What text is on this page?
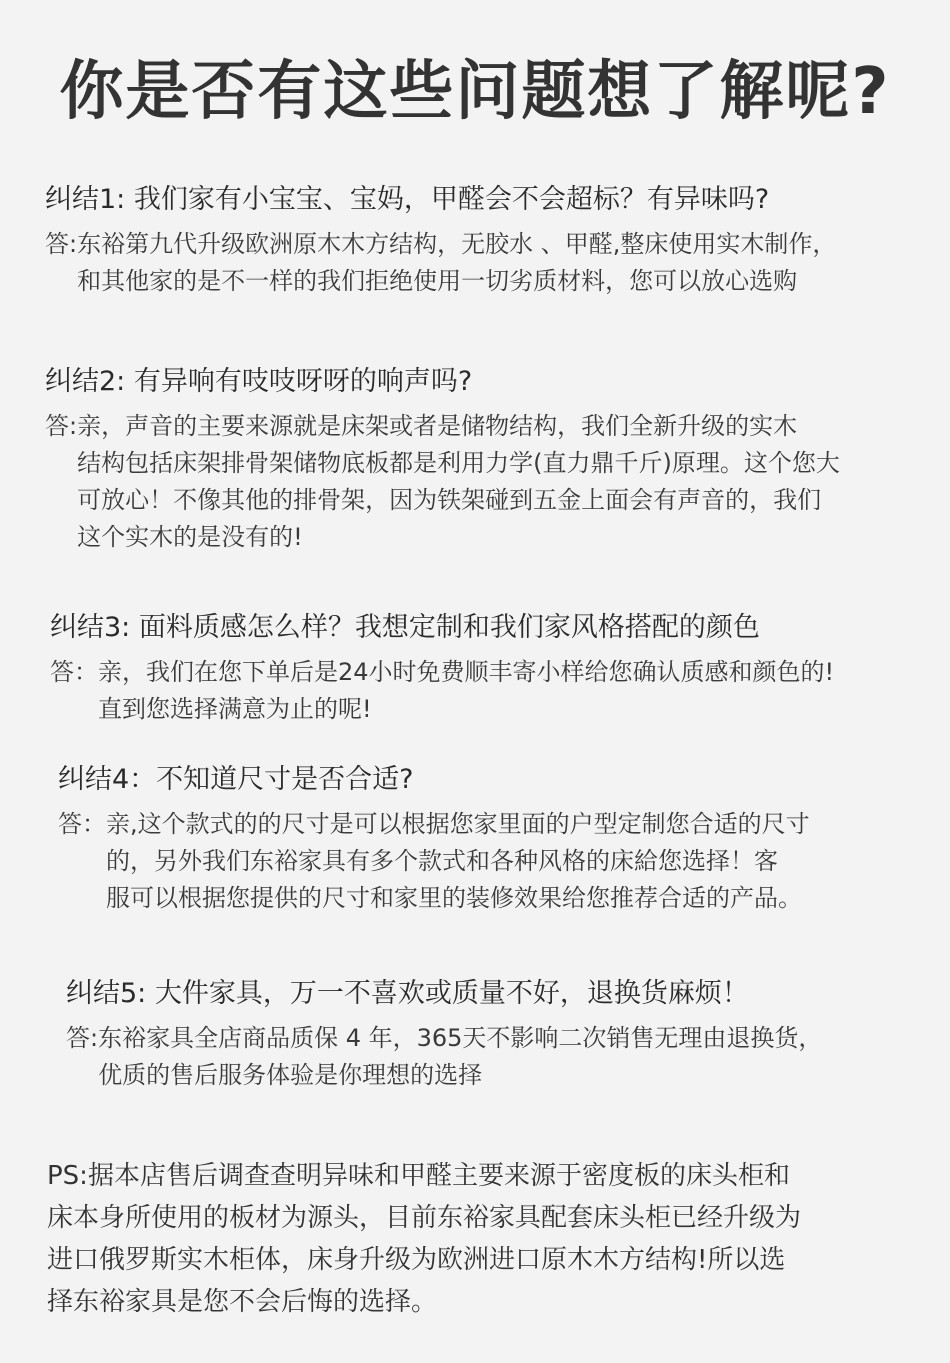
你是否有这些问题想了解呢?
纠结1: 我们家有小宝宝、宝妈，甲醛会不会超标？有异味吗?
答: 东裕第九代升级欧洲原木木方结构，无胶水 、甲醛,整床使用实木制作，
和其他家的是不一样的我们拒绝使用一切劣质材料，您可以放心选购
纠结2: 有异响有吱吱呀呀的响声吗?
答: 亲，声音的主要来源就是床架或者是储物结构，我们全新升级的实木
结构包括床架排骨架储物底板都是利用力学(直力鼎千斤)原理。这个您大
可放心！不像其他的排骨架，因为铁架碰到五金上面会有声音的，我们
这个实木的是没有的!
纠结3: 面料质感怎么样？我想定制和我们家风格搭配的颜色
答： 亲，我们在您下单后是24小时免费顺丰寄小样给您确认质感和颜色的!
直到您选择满意为止的呢!
纠结4：不知道尺寸是否合适?
答： 亲,这个款式的的尺寸是可以根据您家里面的户型定制您合适的尺寸
的，另外我们东裕家具有多个款式和各种风格的床給您选择！客
服可以根据您提供的尺寸和家里的装修效果给您推荐合适的产品。
纠结5: 大件家具，万一不喜欢或质量不好，退换货麻烦！
答: 东裕家具全店商品质保 4 年，365天不影响二次销售无理由退换货，
优质的售后服务体验是你理想的选择
PS:据本店售后调查查明异味和甲醛主要来源于密度板的床头柜和
床本身所使用的板材为源头，目前东裕家具配套床头柜已经升级为
进口俄罗斯实木柜体，床身升级为欧洲进口原木木方结构!所以选
择东裕家具是您不会后悔的选择。
